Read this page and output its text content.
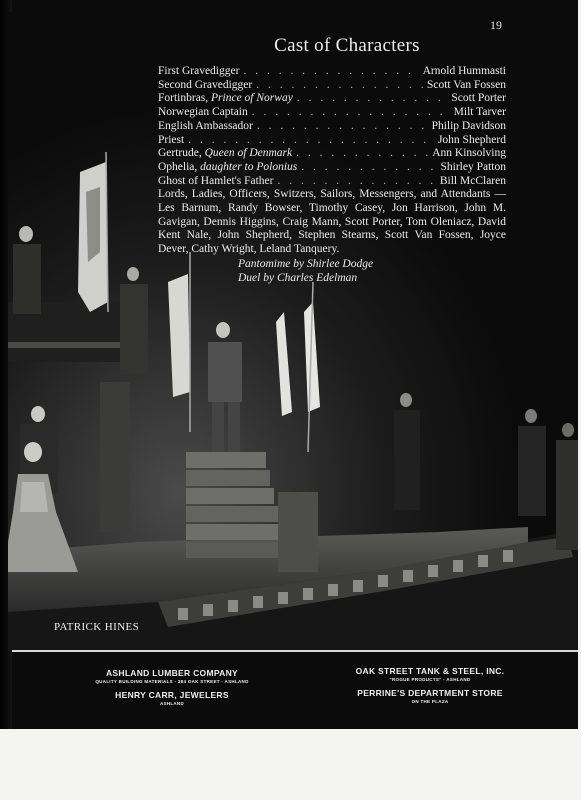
19
Cast of Characters
First Gravedigger . . .	Arnold Hummasti
Second Gravedigger . . .	Scott Van Fossen
Fortinbras, Prince of Norway . . .	Scott Porter
Norwegian Captain . . .	Milt Tarver
English Ambassador . . .	Philip Davidson
Priest . . .	John Shepherd
Gertrude, Queen of Denmark . . .	Ann Kinsolving
Ophelia, daughter to Polonius . . .	Shirley Patton
Ghost of Hamlet's Father . . .	Bill McClaren

Lords, Ladies, Officers, Switzers, Sailors, Messengers, and Attendants — Les Barnum, Randy Bowser, Timothy Casey, Jon Harrison, John M. Gavigan, Dennis Higgins, Craig Mann, Scott Porter, Tom Oleniacz, David Kent Nale, John Shepherd, Stephen Stearns, Scott Van Fossen, Joyce Dever, Cathy Wright, Leland Tanquery.

Pantomime by Shirlee Dodge
Duel by Charles Edelman
PATRICK HINES
ASHLAND LUMBER COMPANY
QUALITY BUILDING MATERIALS - 384 OAK STREET - ASHLAND
HENRY CARR, JEWELERS
ASHLAND
OAK STREET TANK & STEEL, INC.
"ROGUE PRODUCTS" - ASHLAND
PERRINE'S DEPARTMENT STORE
ON THE PLAZA
